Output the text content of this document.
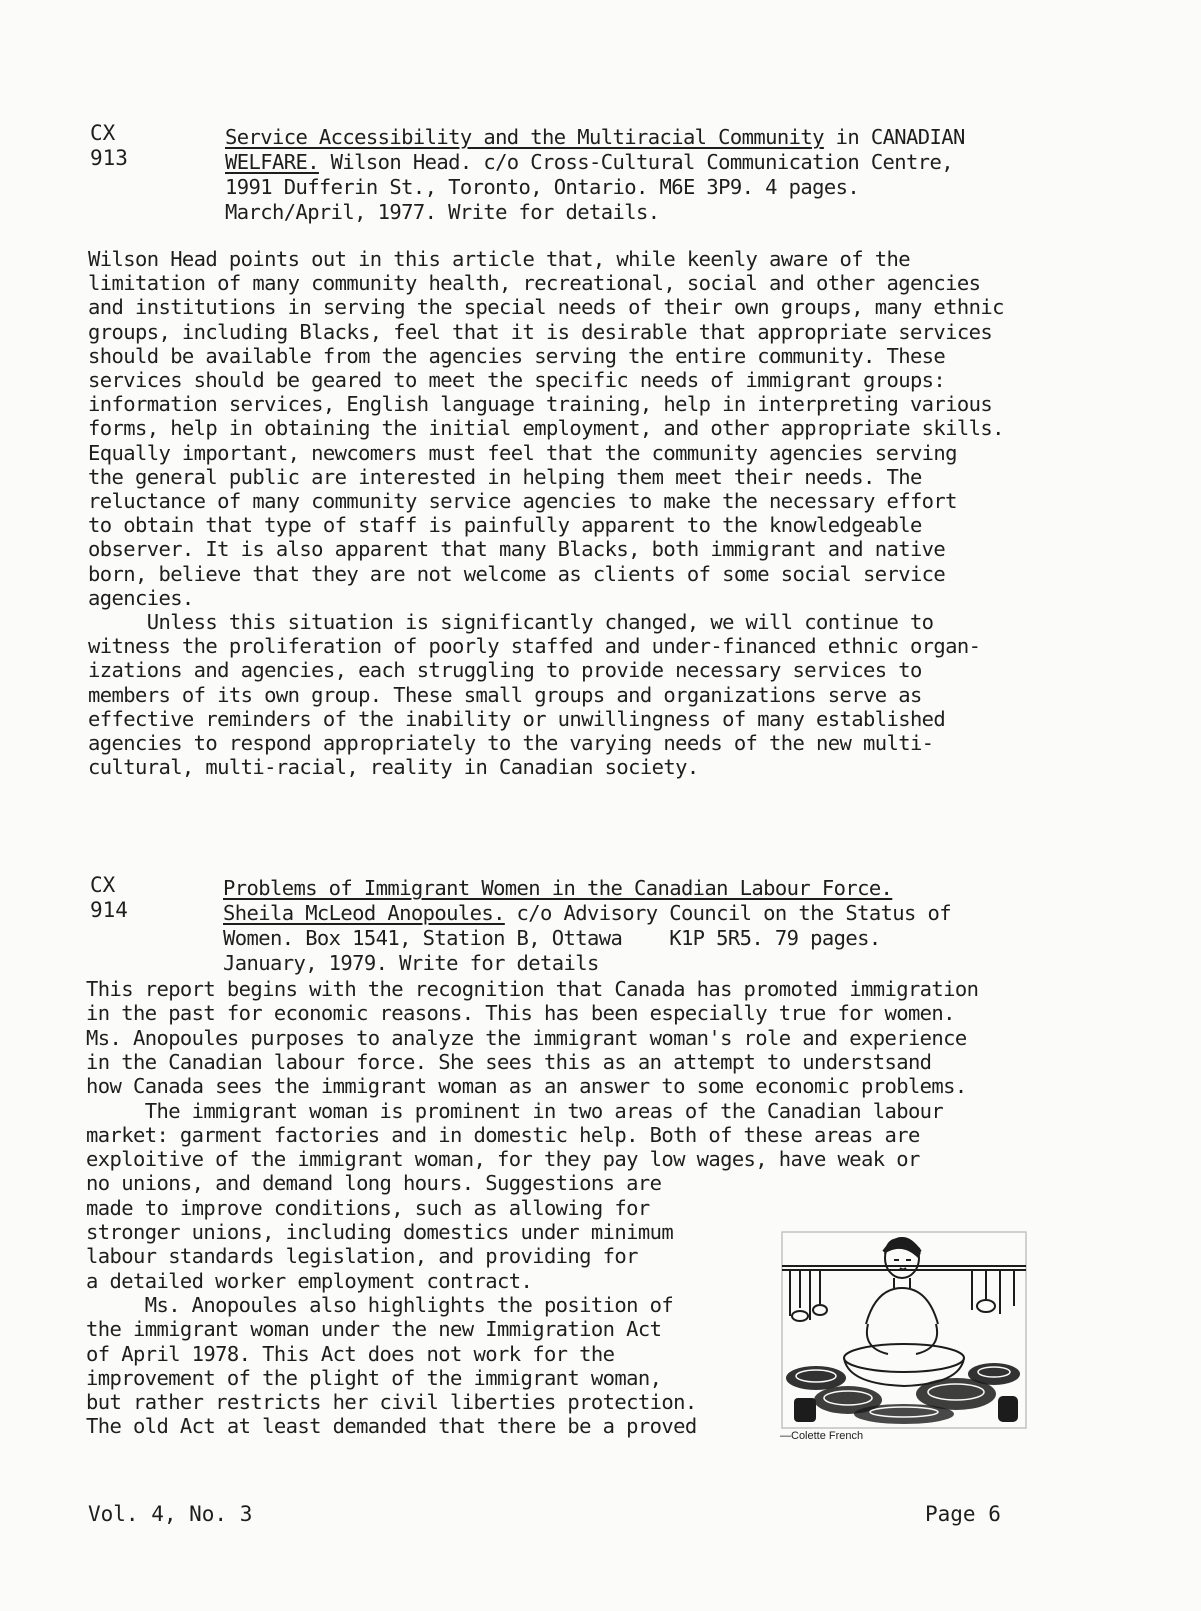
CX
913
Service Accessibility and the Multiracial Community in CANADIAN
WELFARE. Wilson Head. c/o Cross-Cultural Communication Centre,
1991 Dufferin St., Toronto, Ontario. M6E 3P9. 4 pages.
March/April, 1977. Write for details.
Wilson Head points out in this article that, while keenly aware of the
limitation of many community health, recreational, social and other agencies
and institutions in serving the special needs of their own groups, many ethnic
groups, including Blacks, feel that it is desirable that appropriate services
should be available from the agencies serving the entire community. These
services should be geared to meet the specific needs of immigrant groups:
information services, English language training, help in interpreting various
forms, help in obtaining the initial employment, and other appropriate skills.
Equally important, newcomers must feel that the community agencies serving
the general public are interested in helping them meet their needs. The
reluctance of many community service agencies to make the necessary effort
to obtain that type of staff is painfully apparent to the knowledgeable
observer. It is also apparent that many Blacks, both immigrant and native
born, believe that they are not welcome as clients of some social service
agencies.
Unless this situation is significantly changed, we will continue to
witness the proliferation of poorly staffed and under-financed ethnic organ-
izations and agencies, each struggling to provide necessary services to
members of its own group. These small groups and organizations serve as
effective reminders of the inability or unwillingness of many established
agencies to respond appropriately to the varying needs of the new multi-
cultural, multi-racial, reality in Canadian society.
CX
914
Problems of Immigrant Women in the Canadian Labour Force.
Sheila McLeod Anopoules. c/o Advisory Council on the Status of
Women. Box 1541, Station B, Ottawa    K1P 5R5. 79 pages.
January, 1979. Write for details
This report begins with the recognition that Canada has promoted immigration
in the past for economic reasons. This has been especially true for women.
Ms. Anopoules purposes to analyze the immigrant woman's role and experience
in the Canadian labour force. She sees this as an attempt to understsand
how Canada sees the immigrant woman as an answer to some economic problems.
The immigrant woman is prominent in two areas of the Canadian labour
market: garment factories and in domestic help. Both of these areas are
exploitive of the immigrant woman, for they pay low wages, have weak or
no unions, and demand long hours. Suggestions are
made to improve conditions, such as allowing for
stronger unions, including domestics under minimum
labour standards legislation, and providing for
a detailed worker employment contract.
Ms. Anopoules also highlights the position of
the immigrant woman under the new Immigration Act
of April 1978. This Act does not work for the
improvement of the plight of the immigrant woman,
but rather restricts her civil liberties protection.
The old Act at least demanded that there be a proved	—Colette French
Vol. 4, No. 3	Page 6
